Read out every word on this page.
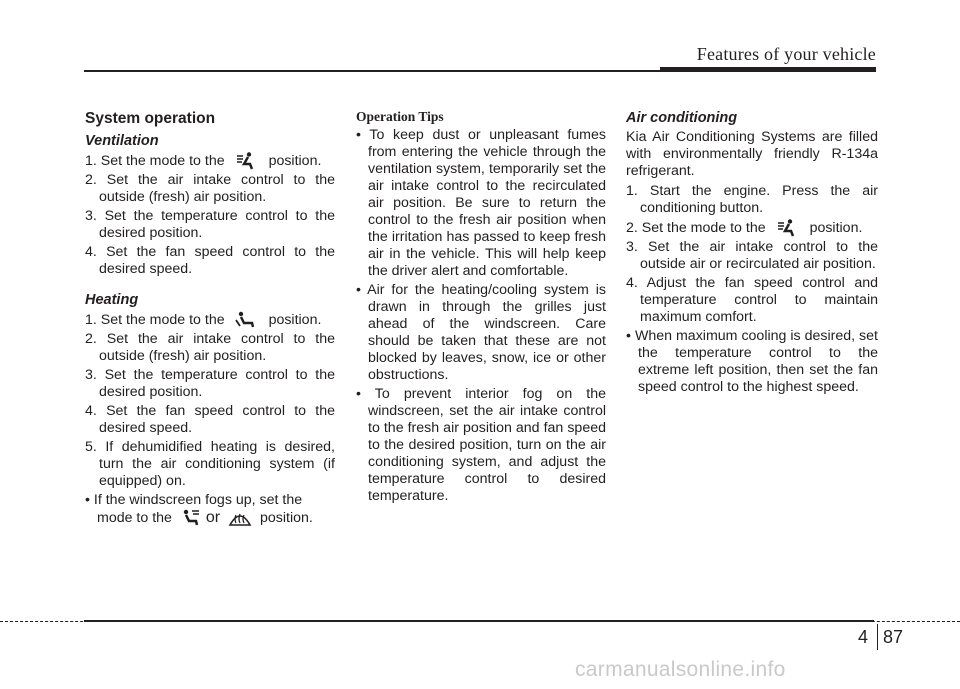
Features of your vehicle
System operation
Ventilation
1. Set the mode to the	position.
2. Set the air intake control to the outside (fresh) air position.
3. Set the temperature control to the desired position.
4. Set the fan speed control to the desired speed.
Heating
1. Set the mode to the	position.
2. Set the air intake control to the outside (fresh) air position.
3. Set the temperature control to the desired position.
4. Set the fan speed control to the desired speed.
5. If dehumidified heating is desired, turn the air conditioning system (if equipped) on.
• If the windscreen fogs up, set the mode to the or	position.
Operation Tips
• To keep dust or unpleasant fumes from entering the vehicle through the ventilation system, temporarily set the air intake control to the recirculated air position. Be sure to return the control to the fresh air position when the irritation has passed to keep fresh air in the vehicle. This will help keep the driver alert and comfortable.
• Air for the heating/cooling system is drawn in through the grilles just ahead of the windscreen. Care should be taken that these are not blocked by leaves, snow, ice or other obstructions.
• To prevent interior fog on the windscreen, set the air intake control to the fresh air position and fan speed to the desired position, turn on the air conditioning system, and adjust the temperature control to desired temperature.
Air conditioning
Kia Air Conditioning Systems are filled with environmentally friendly R-134a refrigerant.
1. Start the engine. Press the air conditioning button.
2. Set the mode to the	position.
3. Set the air intake control to the outside air or recirculated air position.
4. Adjust the fan speed control and temperature control to maintain maximum comfort.
• When maximum cooling is desired, set the temperature control to the extreme left position, then set the fan speed control to the highest speed.
4 87
carmanualsonline.info
